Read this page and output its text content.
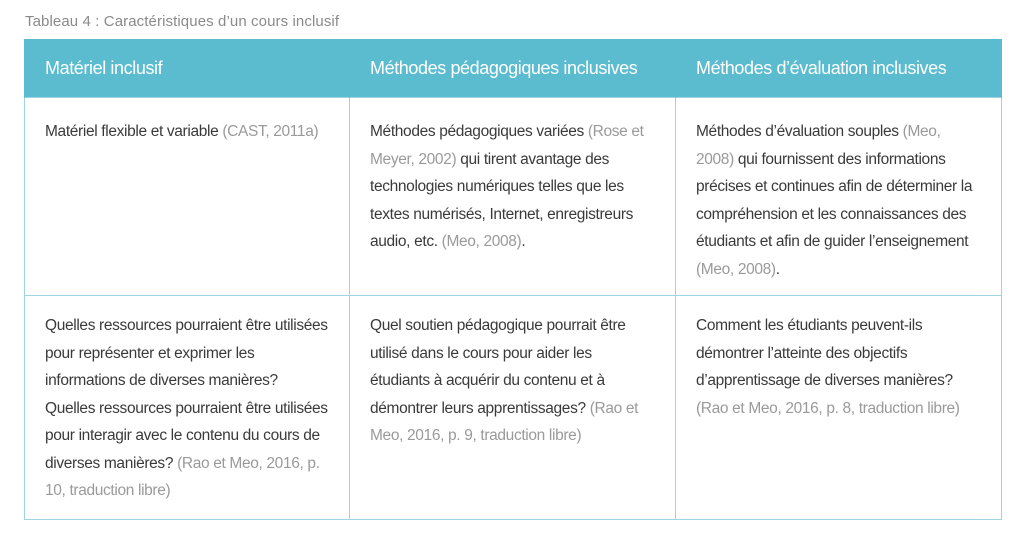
Tableau 4 : Caractéristiques d’un cours inclusif
Matériel inclusif	Méthodes pédagogiques inclusives	Méthodes d’évaluation inclusives
Matériel flexible et variable (CAST, 2011a)	Méthodes pédagogiques variées (Rose et Meyer, 2002) qui tirent avantage des technologies numériques telles que les textes numérisés, Internet, enregistreurs audio, etc. (Meo, 2008).	Méthodes d’évaluation souples (Meo, 2008) qui fournissent des informations précises et continues afin de déterminer la compréhension et les connaissances des étudiants et afin de guider l’enseignement (Meo, 2008).
Quelles ressources pourraient être utilisées pour représenter et exprimer les informations de diverses manières? Quelles ressources pourraient être utilisées pour interagir avec le contenu du cours de diverses manières? (Rao et Meo, 2016, p. 10, traduction libre)	Quel soutien pédagogique pourrait être utilisé dans le cours pour aider les étudiants à acquérir du contenu et à démontrer leurs apprentissages? (Rao et Meo, 2016, p. 9, traduction libre)	Comment les étudiants peuvent-ils démontrer l’atteinte des objectifs d’apprentissage de diverses manières? (Rao et Meo, 2016, p. 8, traduction libre)
